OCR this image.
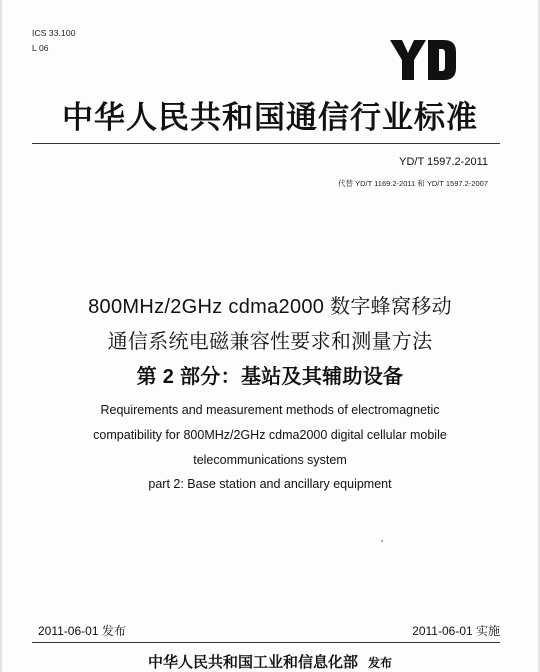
ICS 33.100
L 06
中华人民共和国通信行业标准
YD/T 1597.2-2011
代替 YD/T 1169.2-2011 和 YD/T 1597.2-2007
800MHz/2GHz cdma2000 数字蜂窝移动
通信系统电磁兼容性要求和测量方法
第 2 部分：基站及其辅助设备
Requirements and measurement methods of electromagnetic
compatibility for 800MHz/2GHz cdma2000 digital cellular mobile
telecommunications system
part 2: Base station and ancillary equipment
2011-06-01 发布	2011-06-01 实施
中华人民共和国工业和信息化部 发布
